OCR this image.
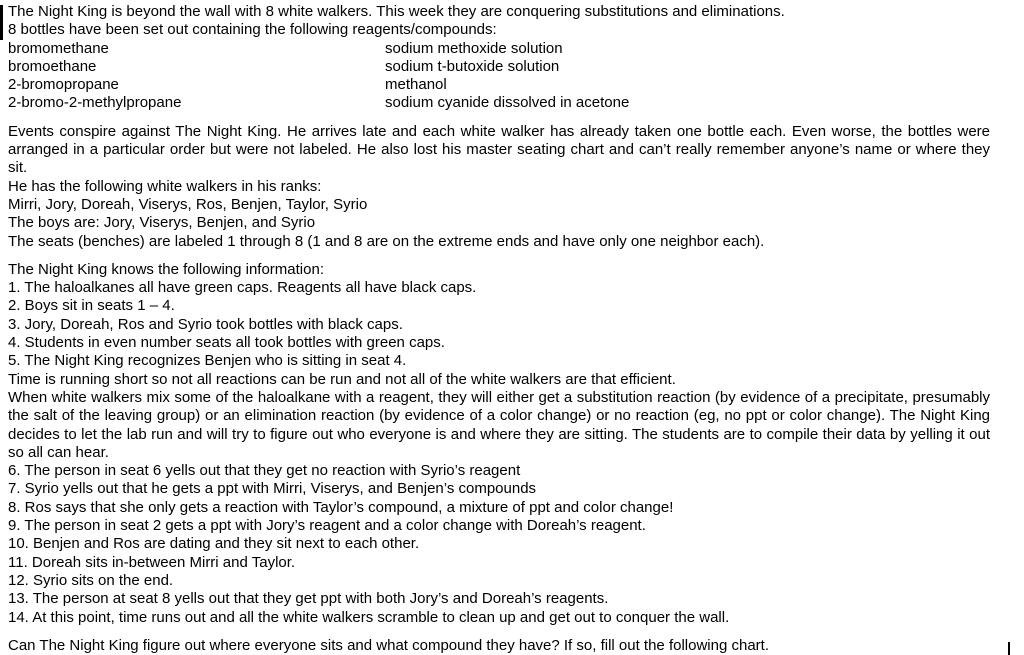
The Night King is beyond the wall with 8 white walkers. This week they are conquering substitutions and eliminations.
8 bottles have been set out containing the following reagents/compounds:
bromomethane	sodium methoxide solution
bromoethane	sodium t-butoxide solution
2-bromopropane	methanol
2-bromo-2-methylpropane	sodium cyanide dissolved in acetone

Events conspire against The Night King. He arrives late and each white walker has already taken one bottle each. Even worse, the bottles were arranged in a particular order but were not labeled. He also lost his master seating chart and can’t really remember anyone’s name or where they sit.

He has the following white walkers in his ranks:
Mirri, Jory, Doreah, Viserys, Ros, Benjen, Taylor, Syrio
The boys are: Jory, Viserys, Benjen, and Syrio
The seats (benches) are labeled 1 through 8 (1 and 8 are on the extreme ends and have only one neighbor each).
The Night King knows the following information:
1. The haloalkanes all have green caps. Reagents all have black caps.
2. Boys sit in seats 1 – 4.
3. Jory, Doreah, Ros and Syrio took bottles with black caps.
4. Students in even number seats all took bottles with green caps.
5. The Night King recognizes Benjen who is sitting in seat 4.
Time is running short so not all reactions can be run and not all of the white walkers are that efficient.

When white walkers mix some of the haloalkane with a reagent, they will either get a substitution reaction (by evidence of a precipitate, presumably the salt of the leaving group) or an elimination reaction (by evidence of a color change) or no reaction (eg, no ppt or color change). The Night King decides to let the lab run and will try to figure out who everyone is and where they are sitting. The students are to compile their data by yelling it out so all can hear.

6. The person in seat 6 yells out that they get no reaction with Syrio’s reagent
7. Syrio yells out that he gets a ppt with Mirri, Viserys, and Benjen’s compounds
8. Ros says that she only gets a reaction with Taylor’s compound, a mixture of ppt and color change!
9. The person in seat 2 gets a ppt with Jory’s reagent and a color change with Doreah’s reagent.
10. Benjen and Ros are dating and they sit next to each other.
11. Doreah sits in-between Mirri and Taylor.
12. Syrio sits on the end.
13. The person at seat 8 yells out that they get ppt with both Jory’s and Doreah’s reagents.
14. At this point, time runs out and all the white walkers scramble to clean up and get out to conquer the wall.
Can The Night King figure out where everyone sits and what compound they have? If so, fill out the following chart.
